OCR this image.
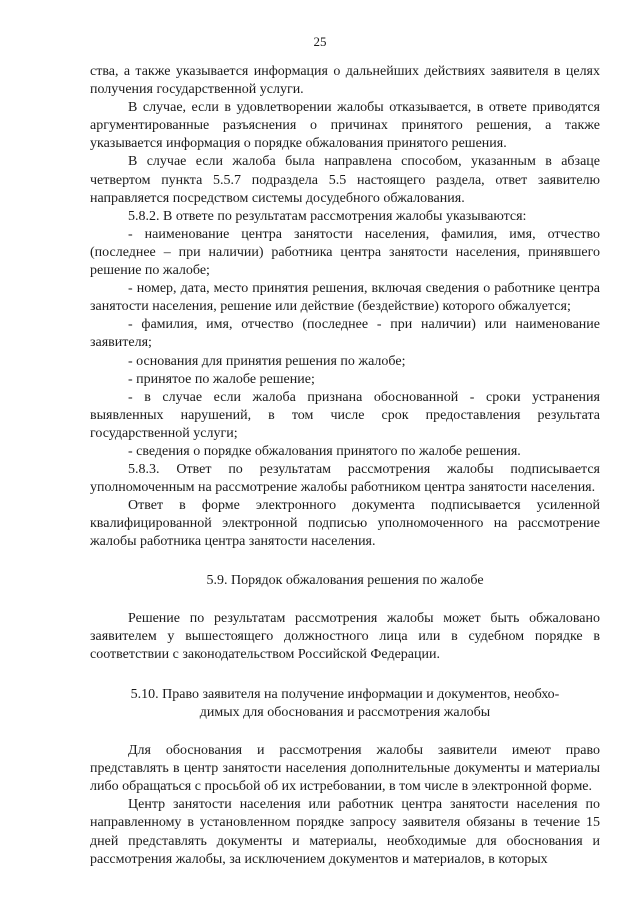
25

ства, а также указывается информация о дальнейших действиях заявителя в целях получения государственной услуги.

В случае, если в удовлетворении жалобы отказывается, в ответе приводятся аргументированные разъяснения о причинах принятого решения, а также указывается информация о порядке обжалования принятого решения.

В случае если жалоба была направлена способом, указанным в абзаце четвертом пункта 5.5.7 подраздела 5.5 настоящего раздела, ответ заявителю направляется посредством системы досудебного обжалования.

5.8.2. В ответе по результатам рассмотрения жалобы указываются:

- наименование центра занятости населения, фамилия, имя, отчество (последнее – при наличии) работника центра занятости населения, принявшего решение по жалобе;

- номер, дата, место принятия решения, включая сведения о работнике центра занятости населения, решение или действие (бездействие) которого обжалуется;

- фамилия, имя, отчество (последнее - при наличии) или наименование заявителя;

- основания для принятия решения по жалобе;

- принятое по жалобе решение;

- в случае если жалоба признана обоснованной - сроки устранения выявленных нарушений, в том числе срок предоставления результата государственной услуги;

- сведения о порядке обжалования принятого по жалобе решения.

5.8.3. Ответ по результатам рассмотрения жалобы подписывается уполномоченным на рассмотрение жалобы работником центра занятости населения.

Ответ в форме электронного документа подписывается усиленной квалифицированной электронной подписью уполномоченного на рассмотрение жалобы работника центра занятости населения.

5.9. Порядок обжалования решения по жалобе

Решение по результатам рассмотрения жалобы может быть обжаловано заявителем у вышестоящего должностного лица или в судебном порядке в соответствии с законодательством Российской Федерации.

5.10. Право заявителя на получение информации и документов, необхо-

димых для обоснования и рассмотрения жалобы

Для обоснования и рассмотрения жалобы заявители имеют право представлять в центр занятости населения дополнительные документы и материалы либо обращаться с просьбой об их истребовании, в том числе в электронной форме.

Центр занятости населения или работник центра занятости населения по направленному в установленном порядке запросу заявителя обязаны в течение 15 дней представлять документы и материалы, необходимые для обоснования и рассмотрения жалобы, за исключением документов и материалов, в которых
